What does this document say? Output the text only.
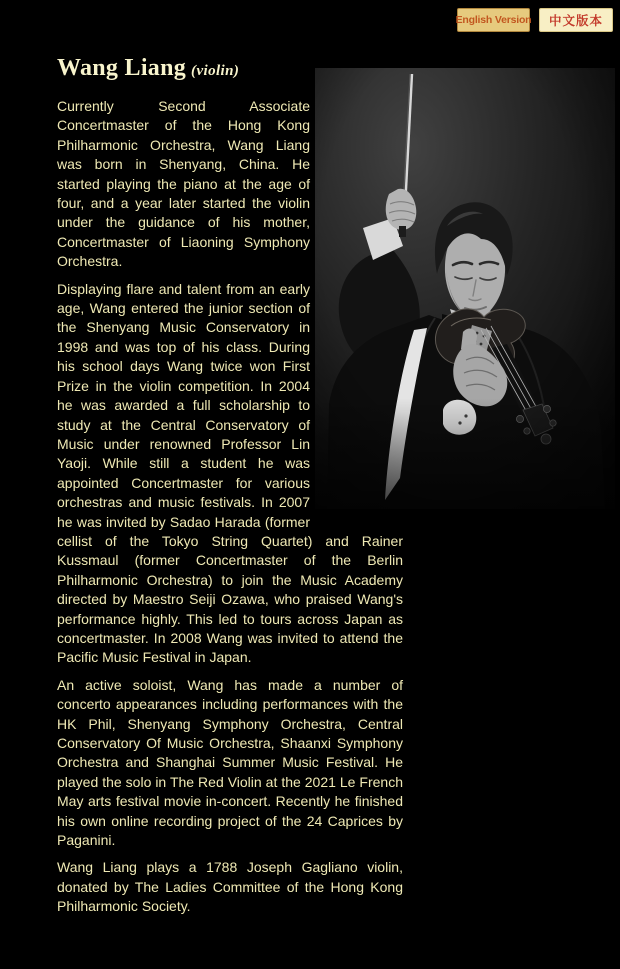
English Version	中文版本
Wang Liang (violin)

Currently Second Associate Concertmaster of the Hong Kong Philharmonic Orchestra, Wang Liang was born in Shenyang, China. He started playing the piano at the age of four, and a year later started the violin under the guidance of his mother, Concertmaster of Liaoning Symphony Orchestra.

Displaying flare and talent from an early age, Wang entered the junior section of the Shenyang Music Conservatory in 1998 and was top of his class. During his school days Wang twice won First Prize in the violin competition. In 2004 he was awarded a full scholarship to study at the Central Conservatory of Music under renowned Professor Lin Yaoji. While still a student he was appointed Concertmaster for various orchestras and music festivals. In 2007 he was invited by Sadao Harada (former cellist of the Tokyo String Quartet) and Rainer Kussmaul (former Concertmaster of the Berlin Philharmonic Orchestra) to join the Music Academy directed by Maestro Seiji Ozawa, who praised Wang's performance highly. This led to tours across Japan as concertmaster. In 2008 Wang was invited to attend the Pacific Music Festival in Japan.

An active soloist, Wang has made a number of concerto appearances including performances with the HK Phil, Shenyang Symphony Orchestra, Central Conservatory Of Music Orchestra, Shaanxi Symphony Orchestra and Shanghai Summer Music Festival. He played the solo in The Red Violin at the 2021 Le French May arts festival movie in-concert. Recently he finished his own online recording project of the 24 Caprices by Paganini.

Wang Liang plays a 1788 Joseph Gagliano violin, donated by The Ladies Committee of the Hong Kong Philharmonic Society.
